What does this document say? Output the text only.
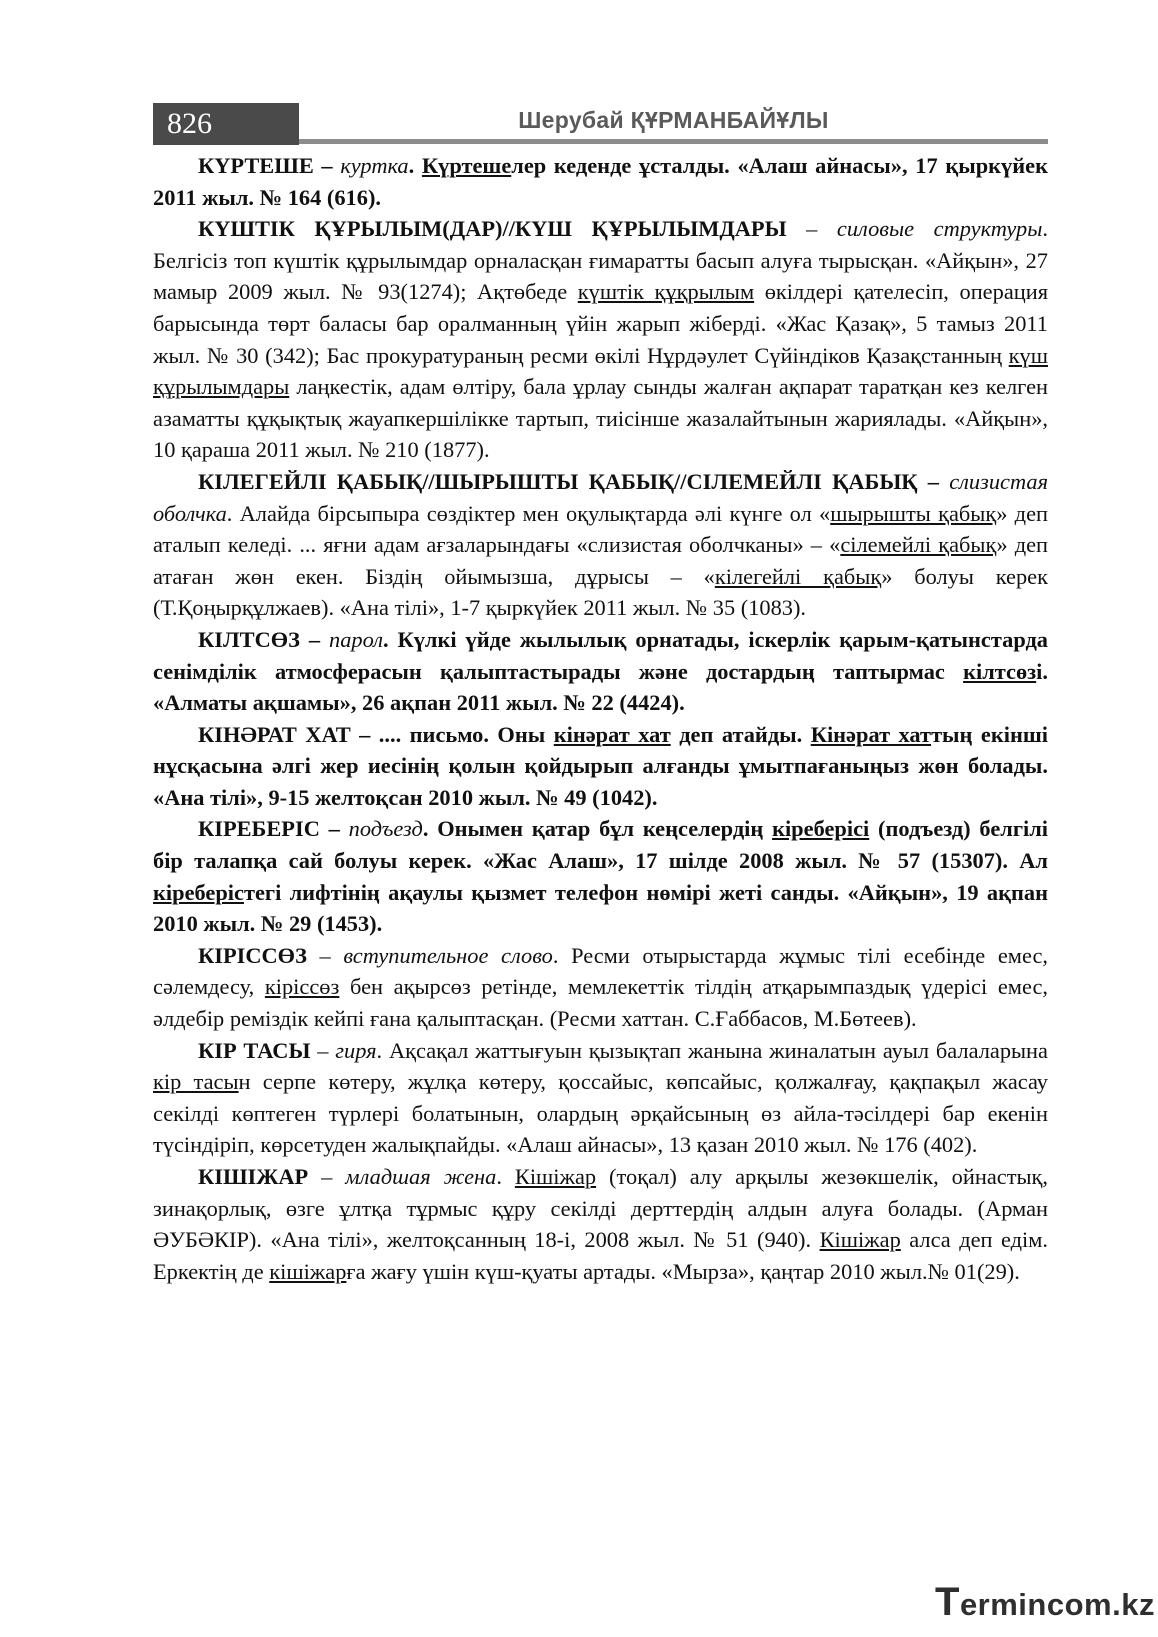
826	Шерубай ҚҰРМАНБАЙҰЛЫ

КҮРТЕШЕ – куртка. Күртешелер кеденде ұсталды. «Алаш айнасы», 17 қыркүйек 2011 жыл. № 164 (616).

КҮШТІК ҚҰРЫЛЫМ(ДАР)//КҮШ ҚҰРЫЛЫМДАРЫ – силовые структуры. Белгісіз топ күштік құрылымдар орналасқан ғимаратты басып алуға тырысқан. «Айқын», 27 мамыр 2009 жыл. № 93(1274); Ақтөбеде күштік құқрылым өкілдері қателесіп, операция барысында төрт баласы бар оралманның үйін жарып жіберді. «Жас Қазақ», 5 тамыз 2011 жыл. № 30 (342); Бас прокуратураның ресми өкілі Нұрдәулет Сүйіндіков Қазақстанның күш құрылымдары лаңкестік, адам өлтіру, бала ұрлау сынды жалған ақпарат таратқан кез келген азаматты құқықтық жауапкершілікке тартып, тиісінше жазалайтынын жариялады. «Айқын», 10 қараша 2011 жыл. № 210 (1877).

КІЛЕГЕЙЛІ ҚАБЫҚ//ШЫРЫШТЫ ҚАБЫҚ//СІЛЕМЕЙЛІ ҚАБЫҚ – слизистая оболчка. Алайда бірсыпыра сөздіктер мен оқулықтарда әлі күнге ол «шырышты қабық» деп аталып келеді. ... яғни адам ағзаларындағы «слизистая оболчканы» – «сілемейлі қабық» деп атаған жөн екен. Біздің ойымызша, дұрысы – «кілегейлі қабық» болуы керек (Т.Қоңырқұлжаев). «Ана тілі», 1-7 қыркүйек 2011 жыл. № 35 (1083).

КІЛТСӨЗ – парол. Күлкі үйде жылылық орнатады, іскерлік қарым-қатынстарда сенімділік атмосферасын қалыптастырады және достардың таптырмас кілтсөзі. «Алматы ақшамы», 26 ақпан 2011 жыл. № 22 (4424).

КІНӘРАТ ХАТ – .... письмо. Оны кінәрат хат деп атайды. Кінәрат хаттың екінші нұсқасына әлгі жер иесінің қолын қойдырып алғанды ұмытпағаныңыз жөн болады. «Ана тілі», 9-15 желтоқсан 2010 жыл. № 49 (1042).

КІРЕБЕРІС – подъезд. Онымен қатар бұл кеңселердің кіреберісі (подъезд) белгілі бір талапқа сай болуы керек. «Жас Алаш», 17 шілде 2008 жыл. № 57 (15307). Ал кіреберістегі лифтінің ақаулы қызмет телефон нөмірі жеті санды. «Айқын», 19 ақпан 2010 жыл. № 29 (1453).

КІРІССӨЗ – вступительное слово. Ресми отырыстарда жұмыс тілі есебінде емес, сәлемдесу, кіріссөз бен ақырсөз ретінде, мемлекеттік тілдің атқарымпаздық үдерісі емес, әлдебір реміздік кейпі ғана қалыптасқан. (Ресми хаттан. С.Ғаббасов, М.Бөтеев).

КІР ТАСЫ – гиря. Ақсақал жаттығуын қызықтап жанына жиналатын ауыл балаларына кір тасын серпе көтеру, жұлқа көтеру, қоссайыс, көпсайыс, қолжалғау, қақпақыл жасау секілді көптеген түрлері болатынын, олардың әрқайсының өз айла-тәсілдері бар екенін түсіндіріп, көрсетуден жалықпайды. «Алаш айнасы», 13 қазан 2010 жыл. № 176 (402).

КІШІЖАР – младшая жена. Кішіжар (тоқал) алу арқылы жезөкшелік, ойнастық, зинақорлық, өзге ұлтқа тұрмыс құру секілді дерттердің алдын алуға болады. (Арман ӘУБӘКІР). «Ана тілі», желтоқсанның 18-і, 2008 жыл. № 51 (940). Кішіжар алса деп едім. Еркектің де кішіжарға жағу үшін күш-қуаты артады. «Мырза», қаңтар 2010 жыл.№ 01(29).

Termincom.kz
